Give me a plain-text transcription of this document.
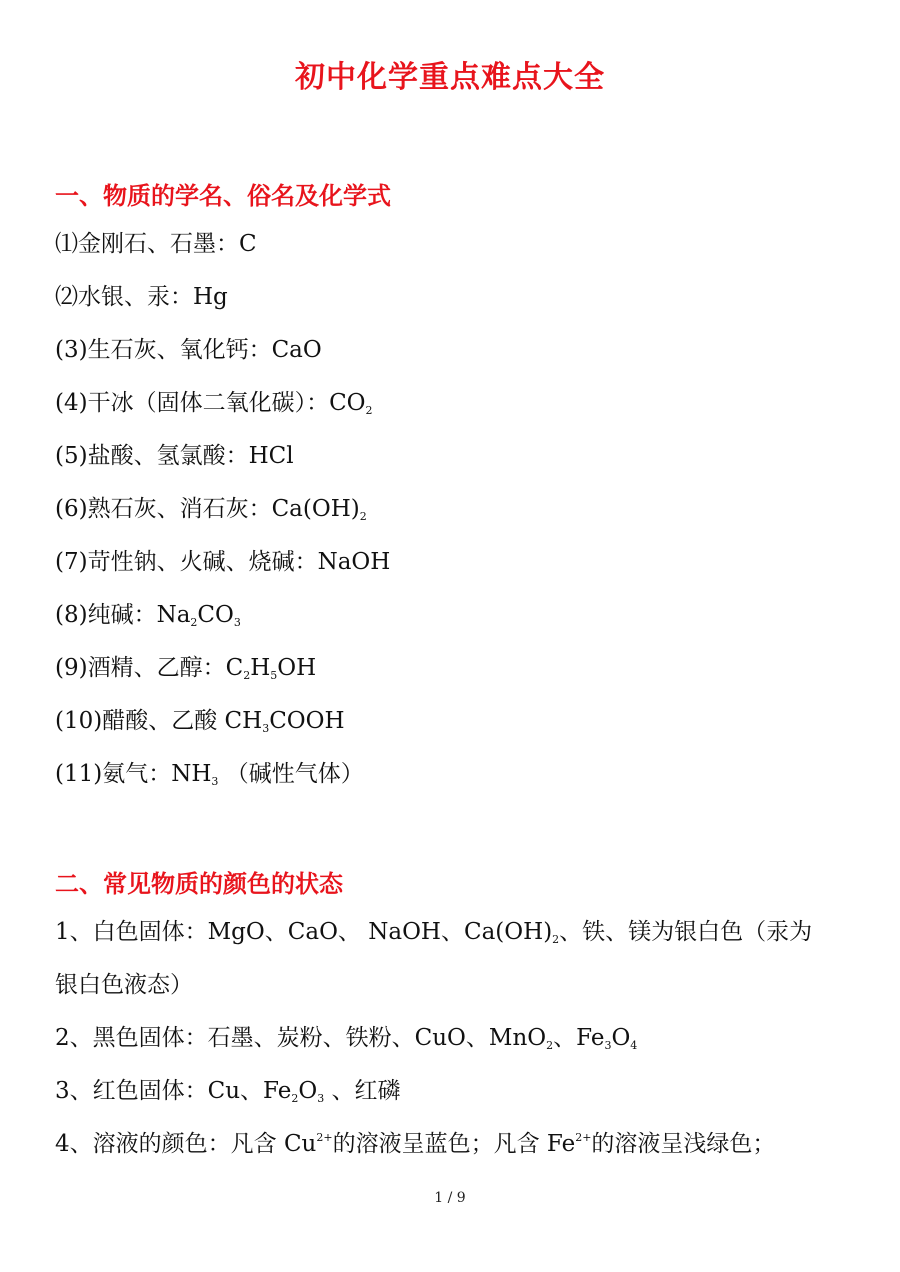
初中化学重点难点大全
一、物质的学名、俗名及化学式
⑴金刚石、石墨：C
⑵水银、汞：Hg
(3)生石灰、氧化钙：CaO
(4)干冰（固体二氧化碳）：$CO_2$
(5)盐酸、氢氯酸：HCl
(6)熟石灰、消石灰：$Ca(OH)_2$
(7)苛性钠、火碱、烧碱：NaOH
(8)纯碱：$Na_2CO_3$
(9)酒精、乙醇：$C_2H_5OH$
(10)醋酸、乙酸 $CH_3COOH$
(11)氨气：$NH_3$ （碱性气体）
二、常见物质的颜色的状态
1、白色固体：MgO、CaO、 NaOH、$Ca(OH)_2$、铁、镁为银白色（汞为
银白色液态）
2、黑色固体：石墨、炭粉、铁粉、CuO、MnO$_2$、$Fe_3O_4$
3、红色固体：Cu、$Fe_2O_3$ 、红磷
4、溶液的颜色：凡含 $Cu^{2+}$的溶液呈蓝色；凡含 $Fe^{2+}$的溶液呈浅绿色；
1 / 9
